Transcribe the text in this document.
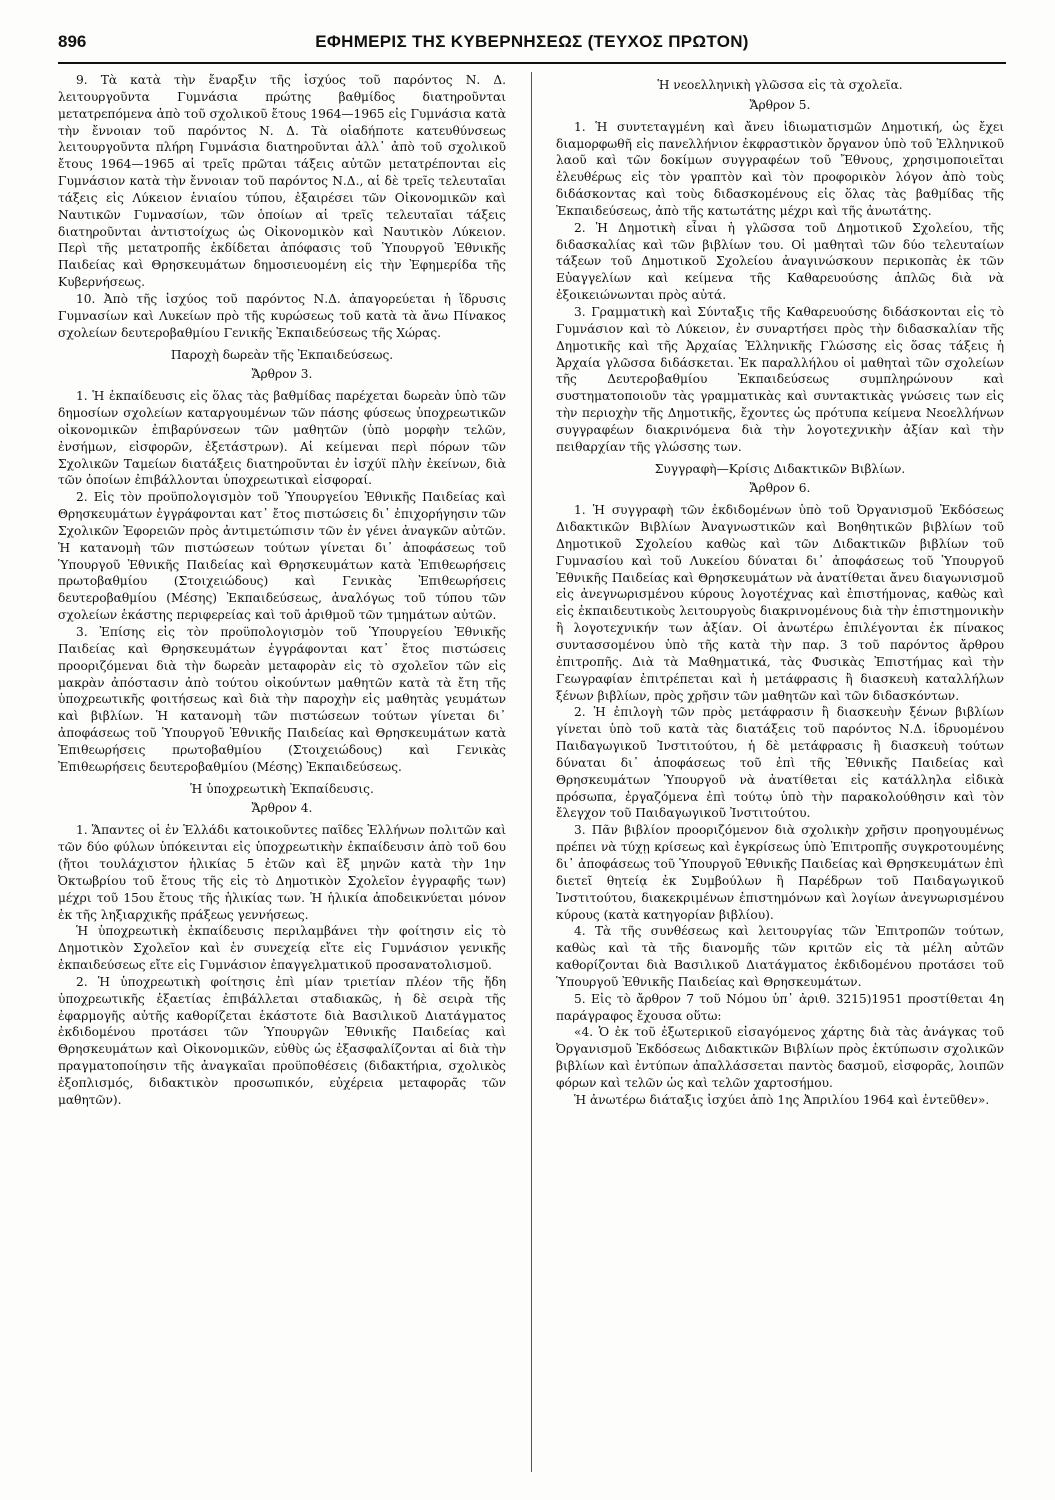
896	ΕΦΗΜΕΡΙΣ ΤΗΣ ΚΥΒΕΡΝΗΣΕΩΣ (ΤΕΥΧΟΣ ΠΡΩΤΟΝ)

9. Τὰ κατὰ τὴν ἔναρξιν τῆς ἰσχύος τοῦ παρόντος Ν. Δ. λειτουργοῦντα Γυμνάσια πρώτης βαθμίδος διατηροῦνται μετατρεπόμενα ἀπὸ τοῦ σχολικοῦ ἔτους 1964—1965 εἰς Γυμνάσια κατὰ τὴν ἔννοιαν τοῦ παρόντος Ν. Δ. Τὰ οἱαδήποτε κατευθύνσεως λειτουργοῦντα πλήρη Γυμνάσια διατηροῦνται ἀλλ᾽ ἀπὸ τοῦ σχολικοῦ ἔτους 1964—1965 αἱ τρεῖς πρῶται τάξεις αὐτῶν μετατρέπονται εἰς Γυμνάσιον κατὰ τὴν ἔννοιαν τοῦ παρόντος Ν.Δ., αἱ δὲ τρεῖς τελευταῖαι τάξεις εἰς Λύκειον ἑνιαίου τύπου, ἐξαιρέσει τῶν Οἰκονομικῶν καὶ Ναυτικῶν Γυμνασίων, τῶν ὁποίων αἱ τρεῖς τελευταῖαι τάξεις διατηροῦνται ἀντιστοίχως ὡς Οἰκονομικὸν καὶ Ναυτικὸν Λύκειον. Περὶ τῆς μετατροπῆς ἐκδίδεται ἀπόφασις τοῦ Ὑπουργοῦ Ἐθνικῆς Παιδείας καὶ Θρησκευμάτων δημοσιευομένη εἰς τὴν Ἐφημερίδα τῆς Κυβερνήσεως.

10. Ἀπὸ τῆς ἰσχύος τοῦ παρόντος Ν.Δ. ἀπαγορεύεται ἡ ἵδρυσις Γυμνασίων καὶ Λυκείων πρὸ τῆς κυρώσεως τοῦ κατὰ τὰ ἄνω Πίνακος σχολείων δευτεροβαθμίου Γενικῆς Ἐκπαιδεύσεως τῆς Χώρας.

Παροχὴ δωρεὰν τῆς Ἐκπαιδεύσεως.

Ἄρθρον 3.

1. Ἡ ἐκπαίδευσις εἰς ὅλας τὰς βαθμίδας παρέχεται δωρεὰν ὑπὸ τῶν δημοσίων σχολείων καταργουμένων τῶν πάσης φύσεως ὑποχρεωτικῶν οἰκονομικῶν ἐπιβαρύνσεων τῶν μαθητῶν (ὑπὸ μορφὴν τελῶν, ἐνσήμων, εἰσφορῶν, ἐξετάστρων). Αἱ κείμεναι περὶ πόρων τῶν Σχολικῶν Ταμείων διατάξεις διατηροῦνται ἐν ἰσχύϊ πλὴν ἐκείνων, διὰ τῶν ὁποίων ἐπιβάλλονται ὑποχρεωτικαὶ εἰσφοραί.

2. Εἰς τὸν προϋπολογισμὸν τοῦ Ὑπουργείου Ἐθνικῆς Παιδείας καὶ Θρησκευμάτων ἐγγράφονται κατ᾽ ἔτος πιστώσεις δι᾽ ἐπιχορήγησιν τῶν Σχολικῶν Ἐφορειῶν πρὸς ἀντιμετώπισιν τῶν ἐν γένει ἀναγκῶν αὐτῶν. Ἡ κατανομὴ τῶν πιστώσεων τούτων γίνεται δι᾽ ἀποφάσεως τοῦ Ὑπουργοῦ Ἐθνικῆς Παιδείας καὶ Θρησκευμάτων κατὰ Ἐπιθεωρήσεις πρωτοβαθμίου (Στοιχειώδους) καὶ Γενικὰς Ἐπιθεωρήσεις δευτεροβαθμίου (Μέσης) Ἐκπαιδεύσεως, ἀναλόγως τοῦ τύπου τῶν σχολείων ἑκάστης περιφερείας καὶ τοῦ ἀριθμοῦ τῶν τμημάτων αὐτῶν.

3. Ἐπίσης εἰς τὸν προϋπολογισμὸν τοῦ Ὑπουργείου Ἐθνικῆς Παιδείας καὶ Θρησκευμάτων ἐγγράφονται κατ᾽ ἔτος πιστώσεις προοριζόμεναι διὰ τὴν δωρεὰν μεταφορὰν εἰς τὸ σχολεῖον τῶν εἰς μακρὰν ἀπόστασιν ἀπὸ τούτου οἰκούντων μαθητῶν κατὰ τὰ ἔτη τῆς ὑποχρεωτικῆς φοιτήσεως καὶ διὰ τὴν παροχὴν εἰς μαθητὰς γευμάτων καὶ βιβλίων. Ἡ κατανομὴ τῶν πιστώσεων τούτων γίνεται δι᾽ ἀποφάσεως τοῦ Ὑπουργοῦ Ἐθνικῆς Παιδείας καὶ Θρησκευμάτων κατὰ Ἐπιθεωρήσεις πρωτοβαθμίου (Στοιχειώδους) καὶ Γενικὰς Ἐπιθεωρήσεις δευτεροβαθμίου (Μέσης) Ἐκπαιδεύσεως.

Ἡ ὑποχρεωτικὴ Ἐκπαίδευσις.

Ἄρθρον 4.

1. Ἅπαντες οἱ ἐν Ἑλλάδι κατοικοῦντες παῖδες Ἑλλήνων πολιτῶν καὶ τῶν δύο φύλων ὑπόκεινται εἰς ὑποχρεωτικὴν ἐκπαίδευσιν ἀπὸ τοῦ 6ου (ἤτοι τουλάχιστον ἡλικίας 5 ἐτῶν καὶ ἓξ μηνῶν κατὰ τὴν 1ην Ὀκτωβρίου τοῦ ἔτους τῆς εἰς τὸ Δημοτικὸν Σχολεῖον ἐγγραφῆς των) μέχρι τοῦ 15ου ἔτους τῆς ἡλικίας των. Ἡ ἡλικία ἀποδεικνύεται μόνον ἐκ τῆς ληξιαρχικῆς πράξεως γεννήσεως.

Ἡ ὑποχρεωτικὴ ἐκπαίδευσις περιλαμβάνει τὴν φοίτησιν εἰς τὸ Δημοτικὸν Σχολεῖον καὶ ἐν συνεχείᾳ εἴτε εἰς Γυμνάσιον γενικῆς ἐκπαιδεύσεως εἴτε εἰς Γυμνάσιον ἐπαγγελματικοῦ προσανατολισμοῦ.

2. Ἡ ὑποχρεωτικὴ φοίτησις ἐπὶ μίαν τριετίαν πλέον τῆς ἤδη ὑποχρεωτικῆς ἑξαετίας ἐπιβάλλεται σταδιακῶς, ἡ δὲ σειρὰ τῆς ἐφαρμογῆς αὐτῆς καθορίζεται ἑκάστοτε διὰ Βασιλικοῦ Διατάγματος ἐκδιδομένου προτάσει τῶν Ὑπουργῶν Ἐθνικῆς Παιδείας καὶ Θρησκευμάτων καὶ Οἰκονομικῶν, εὐθὺς ὡς ἐξασφαλίζονται αἱ διὰ τὴν πραγματοποίησιν τῆς ἀναγκαῖαι προϋποθέσεις (διδακτήρια, σχολικὸς ἐξοπλισμός, διδακτικὸν προσωπικόν, εὐχέρεια μεταφορᾶς τῶν μαθητῶν).

Ἡ νεοελληνικὴ γλῶσσα εἰς τὰ σχολεῖα.

Ἄρθρον 5.

1. Ἡ συντεταγμένη καὶ ἄνευ ἰδιωματισμῶν Δημοτική, ὡς ἔχει διαμορφωθῆ εἰς πανελλήνιον ἐκφραστικὸν ὄργανον ὑπὸ τοῦ Ἑλληνικοῦ λαοῦ καὶ τῶν δοκίμων συγγραφέων τοῦ Ἔθνους, χρησιμοποιεῖται ἐλευθέρως εἰς τὸν γραπτὸν καὶ τὸν προφορικὸν λόγον ἀπὸ τοὺς διδάσκοντας καὶ τοὺς διδασκομένους εἰς ὅλας τὰς βαθμίδας τῆς Ἐκπαιδεύσεως, ἀπὸ τῆς κατωτάτης μέχρι καὶ τῆς ἀνωτάτης.

2. Ἡ Δημοτικὴ εἶναι ἡ γλῶσσα τοῦ Δημοτικοῦ Σχολείου, τῆς διδασκαλίας καὶ τῶν βιβλίων του. Οἱ μαθηταὶ τῶν δύο τελευταίων τάξεων τοῦ Δημοτικοῦ Σχολείου ἀναγινώσκουν περικοπὰς ἐκ τῶν Εὐαγγελίων καὶ κείμενα τῆς Καθαρευούσης ἁπλῶς διὰ νὰ ἐξοικειώνωνται πρὸς αὐτά.

3. Γραμματικὴ καὶ Σύνταξις τῆς Καθαρευούσης διδάσκονται εἰς τὸ Γυμνάσιον καὶ τὸ Λύκειον, ἐν συναρτήσει πρὸς τὴν διδασκαλίαν τῆς Δημοτικῆς καὶ τῆς Ἀρχαίας Ἑλληνικῆς Γλώσσης εἰς ὅσας τάξεις ἡ Ἀρχαία γλῶσσα διδάσκεται. Ἐκ παραλλήλου οἱ μαθηταὶ τῶν σχολείων τῆς Δευτεροβαθμίου Ἐκπαιδεύσεως συμπληρώνουν καὶ συστηματοποιοῦν τὰς γραμματικὰς καὶ συντακτικὰς γνώσεις των εἰς τὴν περιοχὴν τῆς Δημοτικῆς, ἔχοντες ὡς πρότυπα κείμενα Νεοελλήνων συγγραφέων διακρινόμενα διὰ τὴν λογοτεχνικὴν ἀξίαν καὶ τὴν πειθαρχίαν τῆς γλώσσης των.

Συγγραφὴ—Κρίσις Διδακτικῶν Βιβλίων.

Ἄρθρον 6.

1. Ἡ συγγραφὴ τῶν ἐκδιδομένων ὑπὸ τοῦ Ὀργανισμοῦ Ἐκδόσεως Διδακτικῶν Βιβλίων Ἀναγνωστικῶν καὶ Βοηθητικῶν βιβλίων τοῦ Δημοτικοῦ Σχολείου καθὼς καὶ τῶν Διδακτικῶν βιβλίων τοῦ Γυμνασίου καὶ τοῦ Λυκείου δύναται δι᾽ ἀποφάσεως τοῦ Ὑπουργοῦ Ἐθνικῆς Παιδείας καὶ Θρησκευμάτων νὰ ἀνατίθεται ἄνευ διαγωνισμοῦ εἰς ἀνεγνωρισμένου κύρους λογοτέχνας καὶ ἐπιστήμονας, καθὼς καὶ εἰς ἐκπαιδευτικοὺς λειτουργοὺς διακρινομένους διὰ τὴν ἐπιστημονικὴν ἢ λογοτεχνικήν των ἀξίαν. Οἱ ἀνωτέρω ἐπιλέγονται ἐκ πίνακος συντασσομένου ὑπὸ τῆς κατὰ τὴν παρ. 3 τοῦ παρόντος ἄρθρου ἐπιτροπῆς. Διὰ τὰ Μαθηματικά, τὰς Φυσικὰς Ἐπιστήμας καὶ τὴν Γεωγραφίαν ἐπιτρέπεται καὶ ἡ μετάφρασις ἢ διασκευὴ καταλλήλων ξένων βιβλίων, πρὸς χρῆσιν τῶν μαθητῶν καὶ τῶν διδασκόντων.

2. Ἡ ἐπιλογὴ τῶν πρὸς μετάφρασιν ἢ διασκευὴν ξένων βιβλίων γίνεται ὑπὸ τοῦ κατὰ τὰς διατάξεις τοῦ παρόντος Ν.Δ. ἱδρυομένου Παιδαγωγικοῦ Ἰνστιτούτου, ἡ δὲ μετάφρασις ἢ διασκευὴ τούτων δύναται δι᾽ ἀποφάσεως τοῦ ἐπὶ τῆς Ἐθνικῆς Παιδείας καὶ Θρησκευμάτων Ὑπουργοῦ νὰ ἀνατίθεται εἰς κατάλληλα εἰδικὰ πρόσωπα, ἐργαζόμενα ἐπὶ τούτῳ ὑπὸ τὴν παρακολούθησιν καὶ τὸν ἔλεγχον τοῦ Παιδαγωγικοῦ Ἰνστιτούτου.

3. Πᾶν βιβλίον προοριζόμενον διὰ σχολικὴν χρῆσιν προηγουμένως πρέπει νὰ τύχῃ κρίσεως καὶ ἐγκρίσεως ὑπὸ Ἐπιτροπῆς συγκροτουμένης δι᾽ ἀποφάσεως τοῦ Ὑπουργοῦ Ἐθνικῆς Παιδείας καὶ Θρησκευμάτων ἐπὶ διετεῖ θητείᾳ ἐκ Συμβούλων ἢ Παρέδρων τοῦ Παιδαγωγικοῦ Ἰνστιτούτου, διακεκριμένων ἐπιστημόνων καὶ λογίων ἀνεγνωρισμένου κύρους (κατὰ κατηγορίαν βιβλίου).

4. Τὰ τῆς συνθέσεως καὶ λειτουργίας τῶν Ἐπιτροπῶν τούτων, καθὼς καὶ τὰ τῆς διανομῆς τῶν κριτῶν εἰς τὰ μέλη αὐτῶν καθορίζονται διὰ Βασιλικοῦ Διατάγματος ἐκδιδομένου προτάσει τοῦ Ὑπουργοῦ Ἐθνικῆς Παιδείας καὶ Θρησκευμάτων.

5. Εἰς τὸ ἄρθρον 7 τοῦ Νόμου ὑπ᾽ ἀριθ. 3215)1951 προστίθεται 4η παράγραφος ἔχουσα οὕτω:

«4. Ὁ ἐκ τοῦ ἐξωτερικοῦ εἰσαγόμενος χάρτης διὰ τὰς ἀνάγκας τοῦ Ὀργανισμοῦ Ἐκδόσεως Διδακτικῶν Βιβλίων πρὸς ἐκτύπωσιν σχολικῶν βιβλίων καὶ ἐντύπων ἀπαλλάσσεται παντὸς δασμοῦ, εἰσφορᾶς, λοιπῶν φόρων καὶ τελῶν ὡς καὶ τελῶν χαρτοσήμου.

Ἡ ἀνωτέρω διάταξις ἰσχύει ἀπὸ 1ης Ἀπριλίου 1964 καὶ ἐντεῦθεν».
